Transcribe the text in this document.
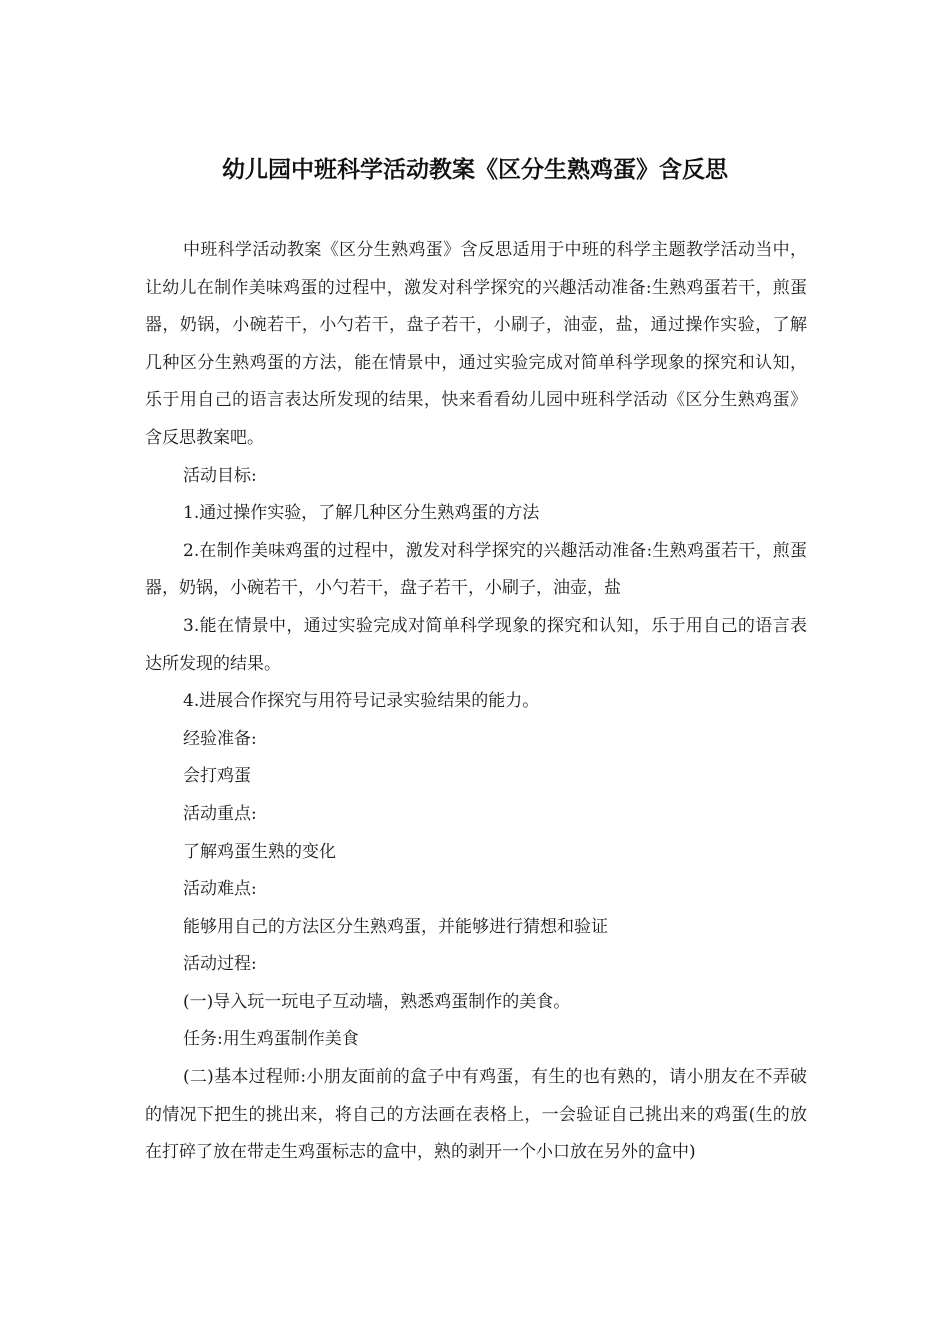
幼儿园中班科学活动教案《区分生熟鸡蛋》含反思

中班科学活动教案《区分生熟鸡蛋》含反思适用于中班的科学主题教学活动当中，让幼儿在制作美味鸡蛋的过程中，激发对科学探究的兴趣活动准备:生熟鸡蛋若干，煎蛋器，奶锅，小碗若干，小勺若干，盘子若干，小刷子，油壶，盐，通过操作实验，了解几种区分生熟鸡蛋的方法，能在情景中，通过实验完成对简单科学现象的探究和认知，乐于用自己的语言表达所发现的结果，快来看看幼儿园中班科学活动《区分生熟鸡蛋》含反思教案吧。

活动目标:

1.通过操作实验，了解几种区分生熟鸡蛋的方法

2.在制作美味鸡蛋的过程中，激发对科学探究的兴趣活动准备:生熟鸡蛋若干，煎蛋器，奶锅，小碗若干，小勺若干，盘子若干，小刷子，油壶，盐

3.能在情景中，通过实验完成对简单科学现象的探究和认知，乐于用自己的语言表达所发现的结果。

4.进展合作探究与用符号记录实验结果的能力。

经验准备:

会打鸡蛋

活动重点:

了解鸡蛋生熟的变化

活动难点:

能够用自己的方法区分生熟鸡蛋，并能够进行猜想和验证

活动过程:

(一)导入玩一玩电子互动墙，熟悉鸡蛋制作的美食。

任务:用生鸡蛋制作美食

(二)基本过程师:小朋友面前的盒子中有鸡蛋，有生的也有熟的，请小朋友在不弄破的情况下把生的挑出来，将自己的方法画在表格上，一会验证自己挑出来的鸡蛋(生的放在打碎了放在带走生鸡蛋标志的盒中，熟的剥开一个小口放在另外的盒中)
